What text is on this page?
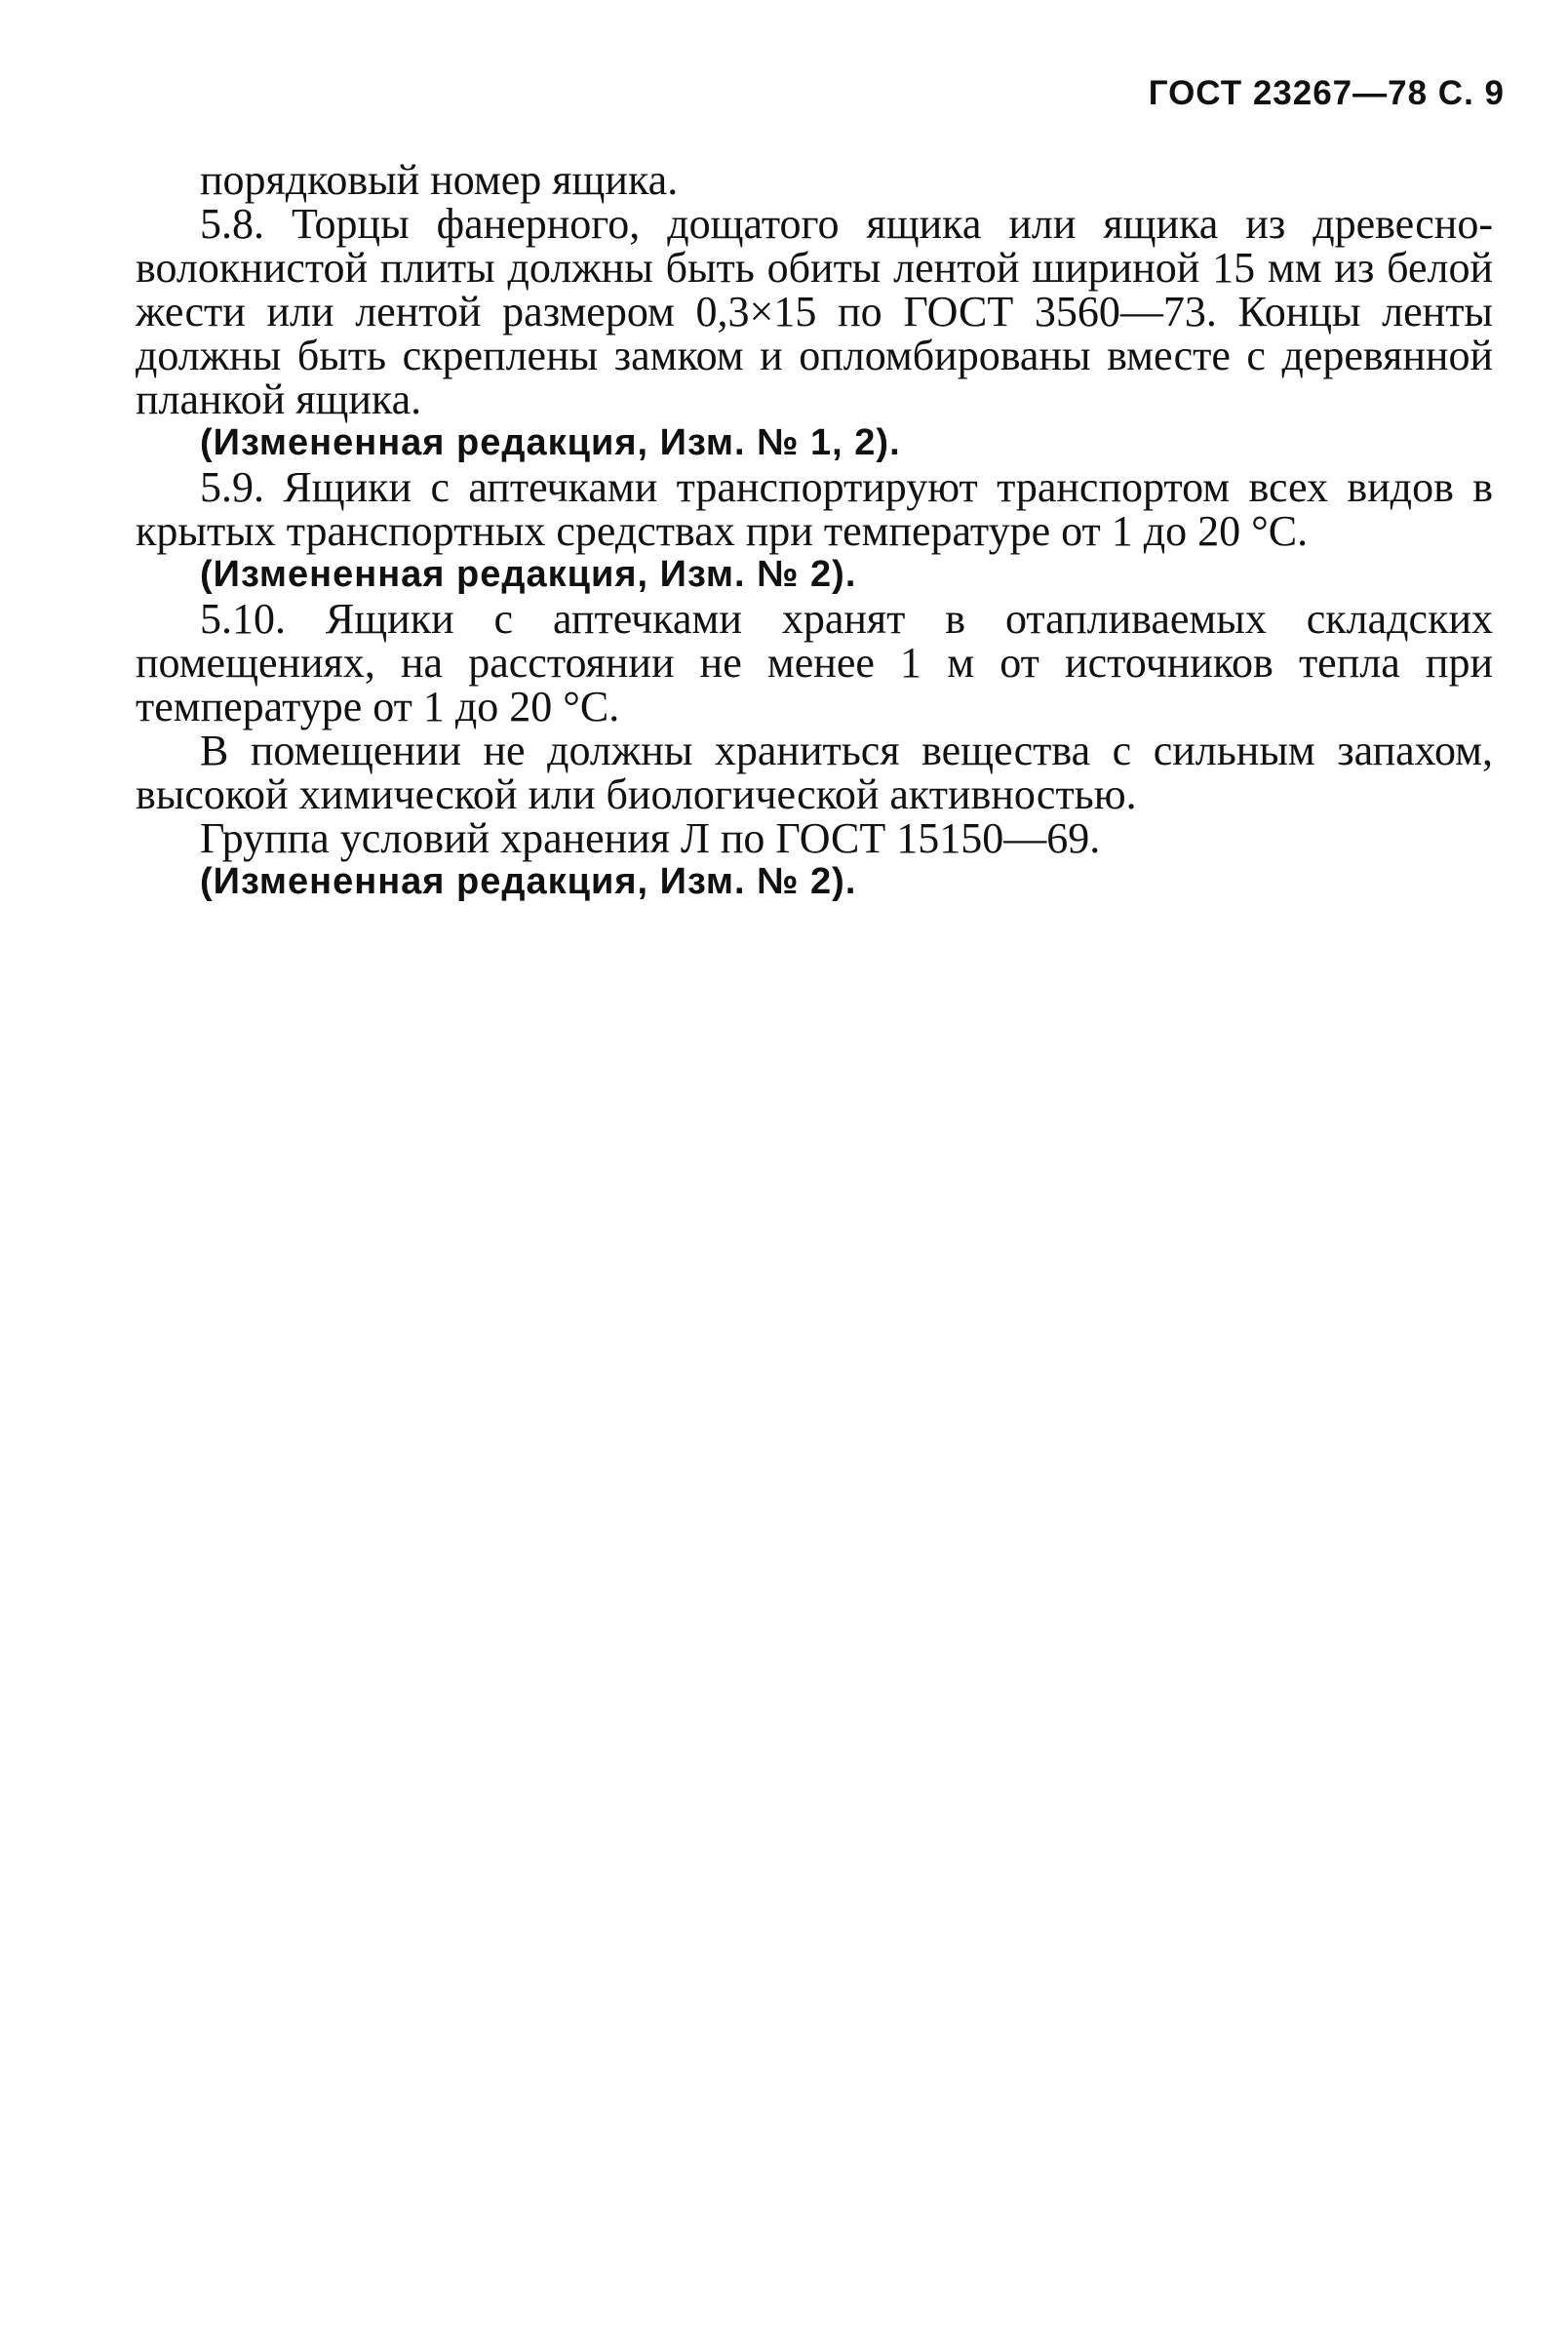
ГОСТ 23267—78 С. 9

порядковый номер ящика.

5.8. Торцы фанерного, дощатого ящика или ящика из древесно-волокнистой плиты должны быть обиты лентой шириной 15 мм из белой жести или лентой размером 0,3×15 по ГОСТ 3560—73. Концы ленты должны быть скреплены замком и опломбированы вместе с деревянной планкой ящика.

(Измененная редакция, Изм. № 1, 2).

5.9. Ящики с аптечками транспортируют транспортом всех видов в крытых транспортных средствах при температуре от 1 до 20 °С.

(Измененная редакция, Изм. № 2).

5.10. Ящики с аптечками хранят в отапливаемых складских помещениях, на расстоянии не менее 1 м от источников тепла при температуре от 1 до 20 °С.

В помещении не должны храниться вещества с сильным запахом, высокой химической или биологической активностью.

Группа условий хранения Л по ГОСТ 15150—69.

(Измененная редакция, Изм. № 2).
